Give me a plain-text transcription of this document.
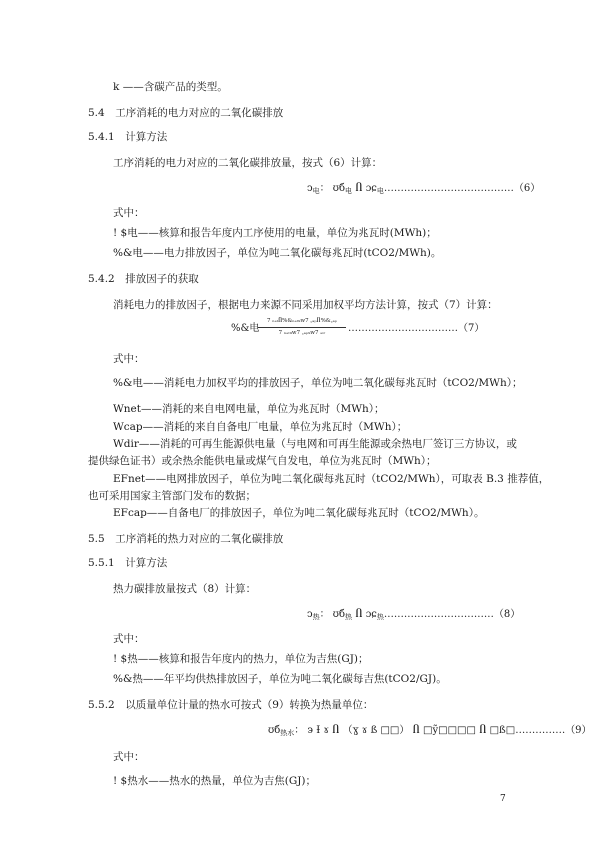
k ——含碳产品的类型。
5.4　工序消耗的电力对应的二氧化碳排放
5.4.1　计算方法
工序消耗的电力对应的二氧化碳排放量，按式（6）计算：
ↄ$_电$： ʊб$_电$ Ⴖ ɔɕ$_电$…………………………………（6）
式中：
! $电——核算和报告年度内工序使用的电量，单位为兆瓦时(MWh)；
%&电——电力排放因子，单位为吨二氧化碳每兆瓦时(tCO2/MWh)。
5.4.2　排放因子的获取
消耗电力的排放因子，根据电力来源不同采用加权平均方法计算，按式（7）计算：
%&电
7 ₙₑₜႶ%&ₙₑₜ₉w7 ꜀ₐₚႶ%&꜀ₐₚ
7 ₙₑₜ₉w7 ꜀ₐₚ₉w7 ₔᵢᵣ	……………………………（7）
式中：
%&电——消耗电力加权平均的排放因子，单位为吨二氧化碳每兆瓦时（tCO2/MWh）；
Wnet——消耗的来自电网电量，单位为兆瓦时（MWh）；
Wcap——消耗的来自自备电厂电量，单位为兆瓦时（MWh）；
Wdir——消耗的可再生能源供电量（与电网和可再生能源或余热电厂签订三方协议，或
提供绿色证书）或余热余能供电量或煤气自发电，单位为兆瓦时（MWh）；
EFnet——电网排放因子，单位为吨二氧化碳每兆瓦时（tCO2/MWh），可取表 B.3 推荐值，
也可采用国家主管部门发布的数据；
EFcap——自备电厂的排放因子，单位为吨二氧化碳每兆瓦时（tCO2/MWh）。
5.5　工序消耗的热力对应的二氧化碳排放
5.5.1　计算方法
热力碳排放量按式（8）计算：
ↄ$_热$： ʊб$_热$ Ⴖ ɔɕ$_热$……………………………（8）
式中：
! $热——核算和报告年度内的热力，单位为吉焦(GJ)；
%&热——年平均供热排放因子，单位为吨二氧化碳每吉焦(tCO2/GJ)。
5.5.2　以质量单位计量的热水可按式（9）转换为热量单位：
ʊб$_{热水}$： ϶ Ɨ ɤ Ⴖ （ɣ ɤ ß □□） Ⴖ □ỹ□□□□ Ⴖ □ß□……………（9）
式中：
! $热水——热水的热量，单位为吉焦(GJ)；
7
